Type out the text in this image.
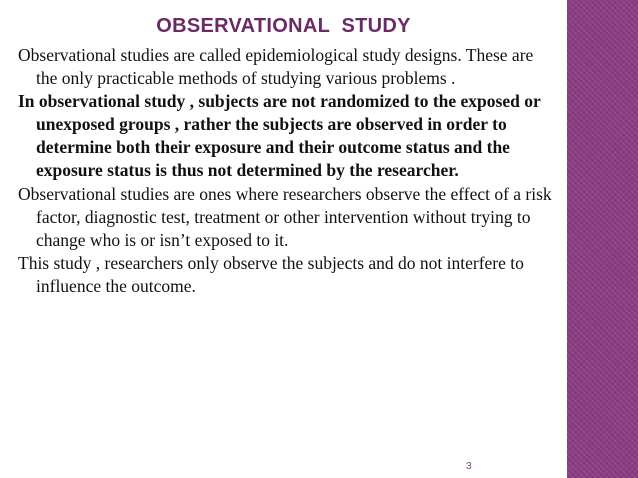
OBSERVATIONAL  STUDY

Observational studies are called epidemiological study designs. These are the only practicable methods of studying various problems .

In observational study , subjects are not randomized to the exposed or unexposed groups , rather the subjects are observed in order to determine both their exposure and their outcome status and the exposure status is thus not determined by the researcher.

Observational studies are ones where researchers observe the effect of a risk factor, diagnostic test, treatment or other intervention without trying to change who is or isn’t exposed to it.

This study , researchers only observe the subjects and do not interfere to influence the outcome.

3
